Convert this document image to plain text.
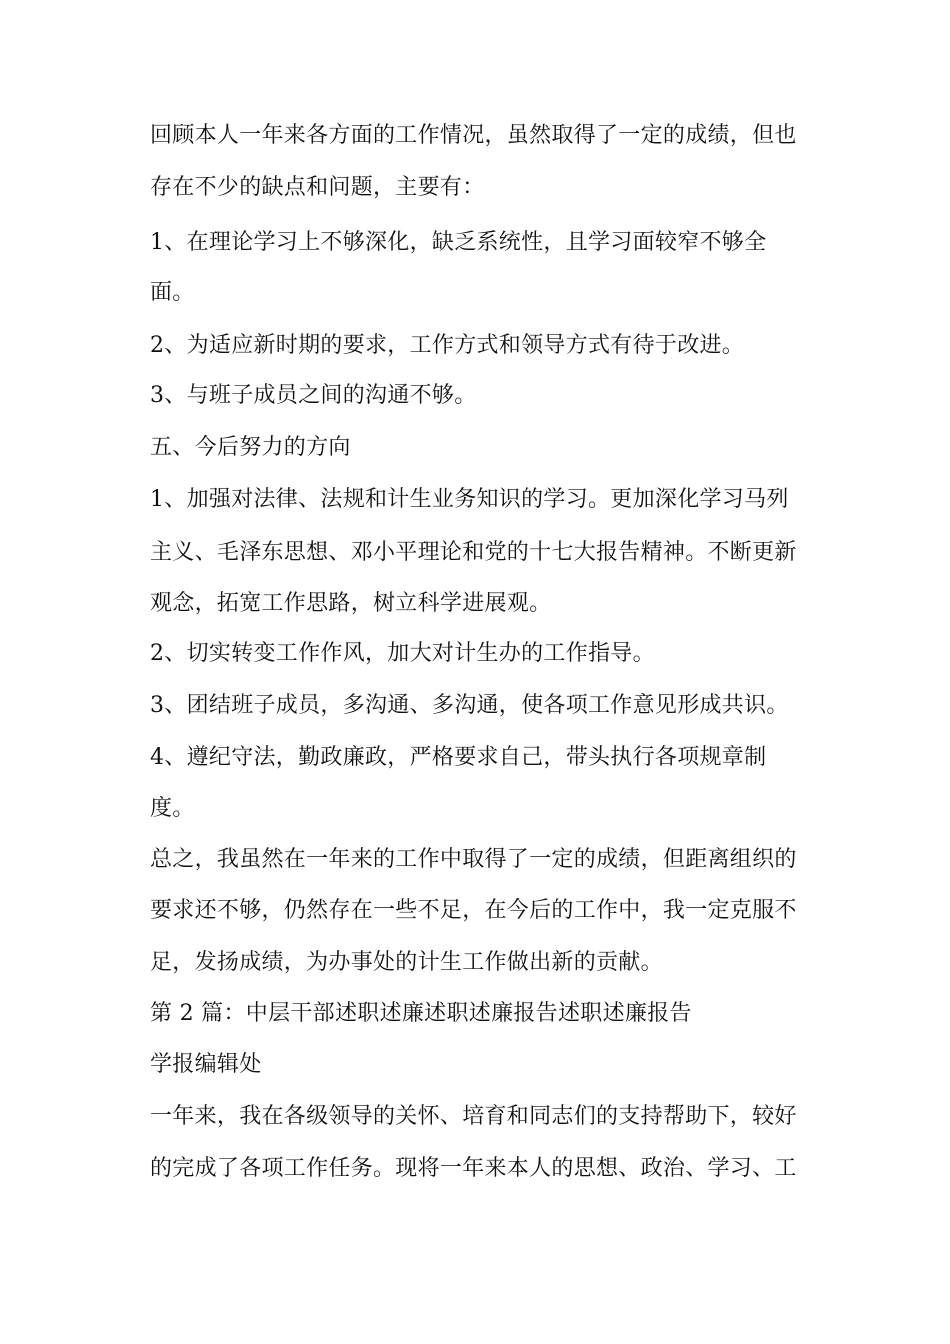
回顾本人一年来各方面的工作情况，虽然取得了一定的成绩，但也
存在不少的缺点和问题，主要有：
1、在理论学习上不够深化，缺乏系统性，且学习面较窄不够全
面。
2、为适应新时期的要求，工作方式和领导方式有待于改进。
3、与班子成员之间的沟通不够。
五、今后努力的方向
1、加强对法律、法规和计生业务知识的学习。更加深化学习马列
主义、毛泽东思想、邓小平理论和党的十七大报告精神。不断更新
观念，拓宽工作思路，树立科学进展观。
2、切实转变工作作风，加大对计生办的工作指导。
3、团结班子成员，多沟通、多沟通，使各项工作意见形成共识。
4、遵纪守法，勤政廉政，严格要求自己，带头执行各项规章制
度。
总之，我虽然在一年来的工作中取得了一定的成绩，但距离组织的
要求还不够，仍然存在一些不足，在今后的工作中，我一定克服不
足，发扬成绩，为办事处的计生工作做出新的贡献。
第 2 篇：中层干部述职述廉述职述廉报告述职述廉报告
学报编辑处
一年来，我在各级领导的关怀、培育和同志们的支持帮助下，较好
的完成了各项工作任务。现将一年来本人的思想、政治、学习、工
